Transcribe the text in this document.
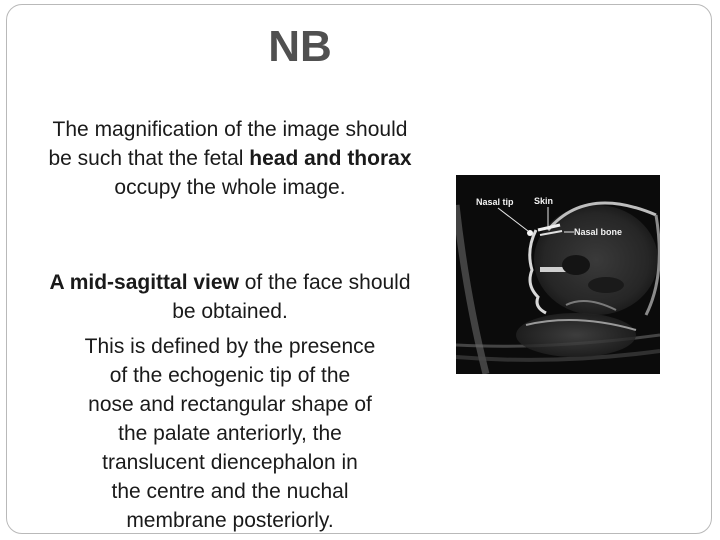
NB
The magnification of the image should be such that the fetal head and thorax occupy the whole image.
A mid-sagittal view of the face should be obtained.
This is defined by the presence
of the echogenic tip of the
nose and rectangular shape of
the palate anteriorly, the
translucent diencephalon in
the centre and the nuchal
membrane posteriorly.
Nasal tip Skin
Nasal bone
